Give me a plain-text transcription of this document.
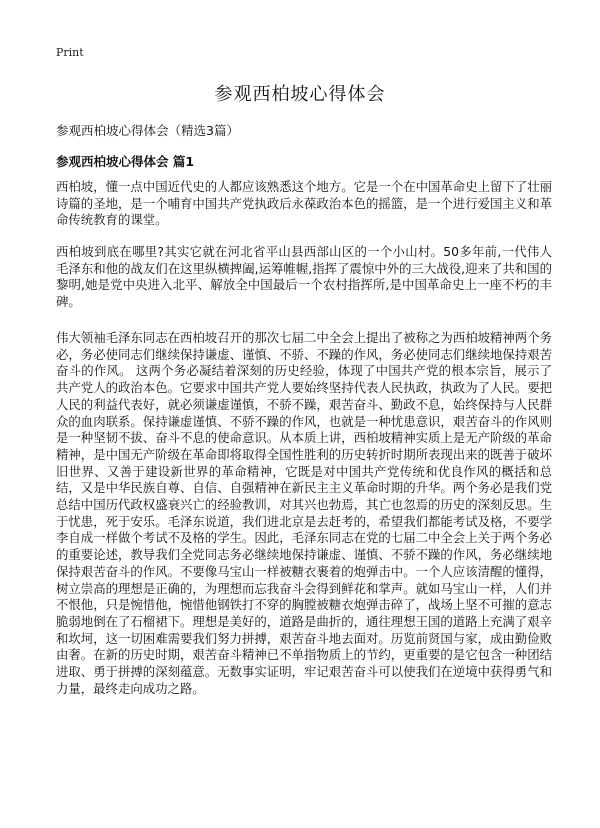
Print
参观西柏坡心得体会

参观西柏坡心得体会（精选3篇）

参观西柏坡心得体会 篇1

西柏坡，懂一点中国近代史的人都应该熟悉这个地方。它是一个在中国革命史上留下了壮丽诗篇的圣地，是一个哺育中国共产党执政后永葆政治本色的摇篮，是一个进行爱国主义和革命传统教育的课堂。

西柏坡到底在哪里?其实它就在河北省平山县西部山区的一个小山村。50多年前,一代伟人毛泽东和他的战友们在这里纵横捭阖,运筹帷幄,指挥了震惊中外的三大战役,迎来了共和国的黎明,她是党中央进入北平、解放全中国最后一个农村指挥所,是中国革命史上一座不朽的丰碑。

伟大领袖毛泽东同志在西柏坡召开的那次七届二中全会上提出了被称之为西柏坡精神两个务必，务必使同志们继续保持谦虚、谨慎、不骄、不躁的作风，务必使同志们继续地保持艰苦奋斗的作风。 这两个务必凝结着深刻的历史经验，体现了中国共产党的根本宗旨，展示了共产党人的政治本色。它要求中国共产党人要始终坚持代表人民执政，执政为了人民。要把人民的利益代表好，就必须谦虚谨慎，不骄不躁，艰苦奋斗、勤政不息，始终保持与人民群众的血肉联系。保持谦虚谨慎、不骄不躁的作风，也就是一种忧患意识，艰苦奋斗的作风则是一种坚韧不拔、奋斗不息的使命意识。从本质上讲，西柏坡精神实质上是无产阶级的革命精神，是中国无产阶级在革命即将取得全国性胜利的历史转折时期所表现出来的既善于破坏旧世界、又善于建设新世界的革命精神，它既是对中国共产党传统和优良作风的概括和总结，又是中华民族自尊、自信、自强精神在新民主主义革命时期的升华。两个务必是我们党总结中国历代政权盛衰兴亡的经验教训，对其兴也勃焉，其亡也忽焉的历史的深刻反思。生于忧患，死于安乐。毛泽东说道，我们进北京是去赶考的，希望我们都能考试及格，不要学李自成一样做个考试不及格的学生。因此，毛泽东同志在党的七届二中全会上关于两个务必的重要论述，教导我们全党同志务必继续地保持谦虚、谨慎、不骄不躁的作风，务必继续地保持艰苦奋斗的作风。不要像马宝山一样被糖衣裹着的炮弹击中。一个人应该清醒的懂得，树立崇高的理想是正确的，为理想而忘我奋斗会得到鲜花和掌声。就如马宝山一样，人们并不恨他，只是惋惜他，惋惜他钢铁打不穿的胸膛被糖衣炮弹击碎了，战场上坚不可摧的意志脆弱地倒在了石榴裙下。理想是美好的，道路是曲折的，通往理想王国的道路上充满了艰辛和坎坷，这一切困难需要我们努力拼搏，艰苦奋斗地去面对。历览前贤国与家，成由勤俭败由奢。在新的历史时期，艰苦奋斗精神已不单指物质上的节约，更重要的是它包含一种团结进取、勇于拼搏的深刻蕴意。无数事实证明，牢记艰苦奋斗可以使我们在逆境中获得勇气和力量，最终走向成功之路。
